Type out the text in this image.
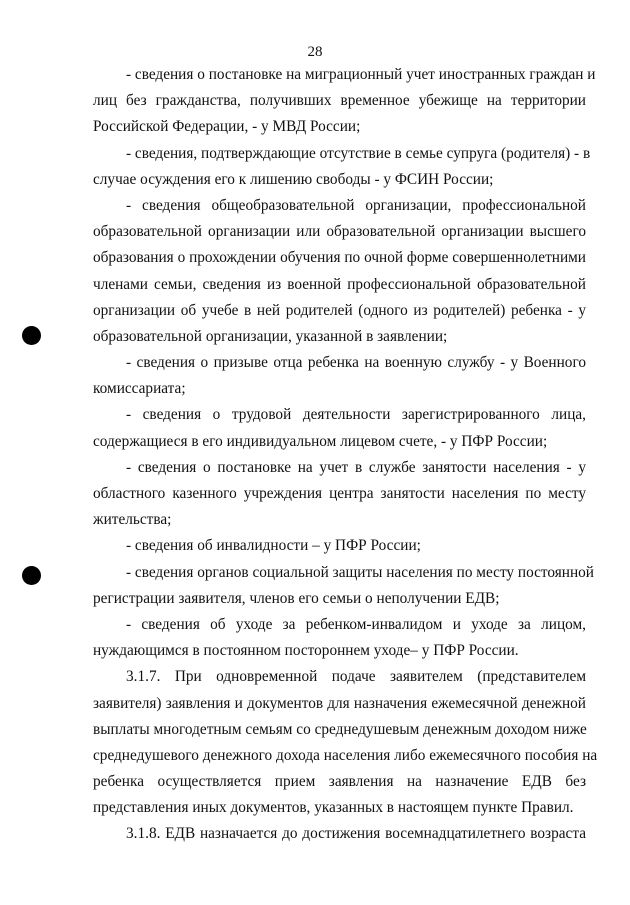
28
- сведения о постановке на миграционный учет иностранных граждан и
лиц без гражданства, получивших временное убежище на территории
Российской Федерации, - у МВД России;
- сведения, подтверждающие отсутствие в семье супруга (родителя) - в
случае осуждения его к лишению свободы - у ФСИН России;
- сведения общеобразовательной организации, профессиональной
образовательной организации или образовательной организации высшего
образования о прохождении обучения по очной форме совершеннолетними
членами семьи, сведения из военной профессиональной образовательной
организации об учебе в ней родителей (одного из родителей) ребенка - у
образовательной организации, указанной в заявлении;
- сведения о призыве отца ребенка на военную службу - у Военного
комиссариата;
- сведения о трудовой деятельности зарегистрированного лица,
содержащиеся в его индивидуальном лицевом счете, - у ПФР России;
- сведения о постановке на учет в службе занятости населения - у
областного казенного учреждения центра занятости населения по месту
жительства;
- сведения об инвалидности – у ПФР России;
- сведения органов социальной защиты населения по месту постоянной
регистрации заявителя, членов его семьи о неполучении ЕДВ;
- сведения об уходе за ребенком-инвалидом и уходе за лицом,
нуждающимся в постоянном постороннем уходе– у ПФР России.
3.1.7. При одновременной подаче заявителем (представителем
заявителя) заявления и документов для назначения ежемесячной денежной
выплаты многодетным семьям со среднедушевым денежным доходом ниже
среднедушевого денежного дохода населения либо ежемесячного пособия на
ребенка осуществляется прием заявления на назначение ЕДВ без
представления иных документов, указанных в настоящем пункте Правил.
3.1.8. ЕДВ назначается до достижения восемнадцатилетнего возраста
